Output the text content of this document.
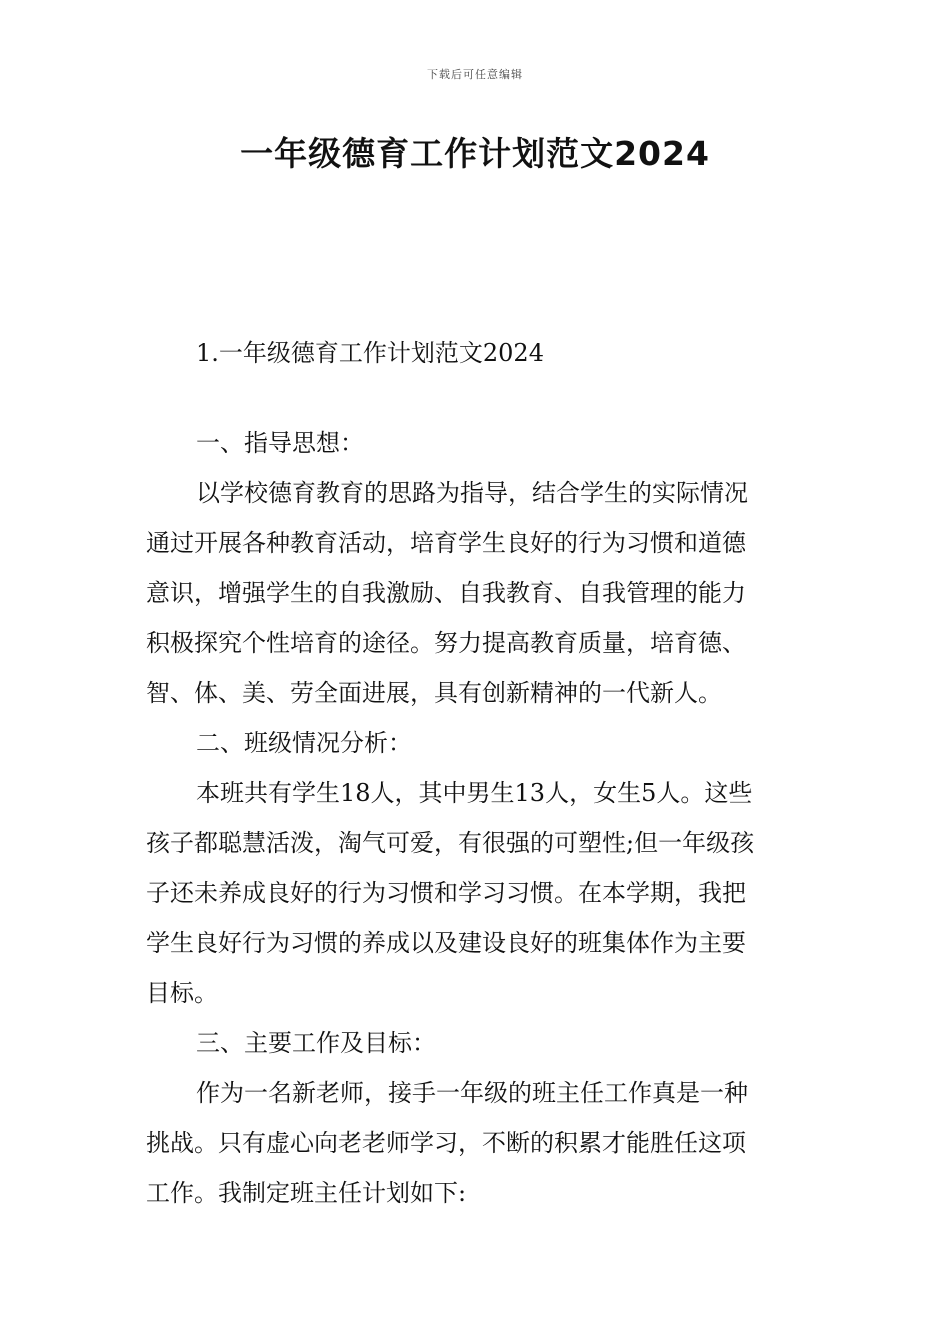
下载后可任意编辑
一年级德育工作计划范文2024
1.一年级德育工作计划范文2024
一、指导思想：
以学校德育教育的思路为指导，结合学生的实际情况
通过开展各种教育活动，培育学生良好的行为习惯和道德
意识，增强学生的自我激励、自我教育、自我管理的能力
积极探究个性培育的途径。努力提高教育质量，培育德、
智、体、美、劳全面进展，具有创新精神的一代新人。
二、班级情况分析：
本班共有学生18人，其中男生13人，女生5人。这些
孩子都聪慧活泼，淘气可爱，有很强的可塑性;但一年级孩
子还未养成良好的行为习惯和学习习惯。在本学期，我把
学生良好行为习惯的养成以及建设良好的班集体作为主要
目标。
三、主要工作及目标：
作为一名新老师，接手一年级的班主任工作真是一种
挑战。只有虚心向老老师学习，不断的积累才能胜任这项
工作。我制定班主任计划如下:
